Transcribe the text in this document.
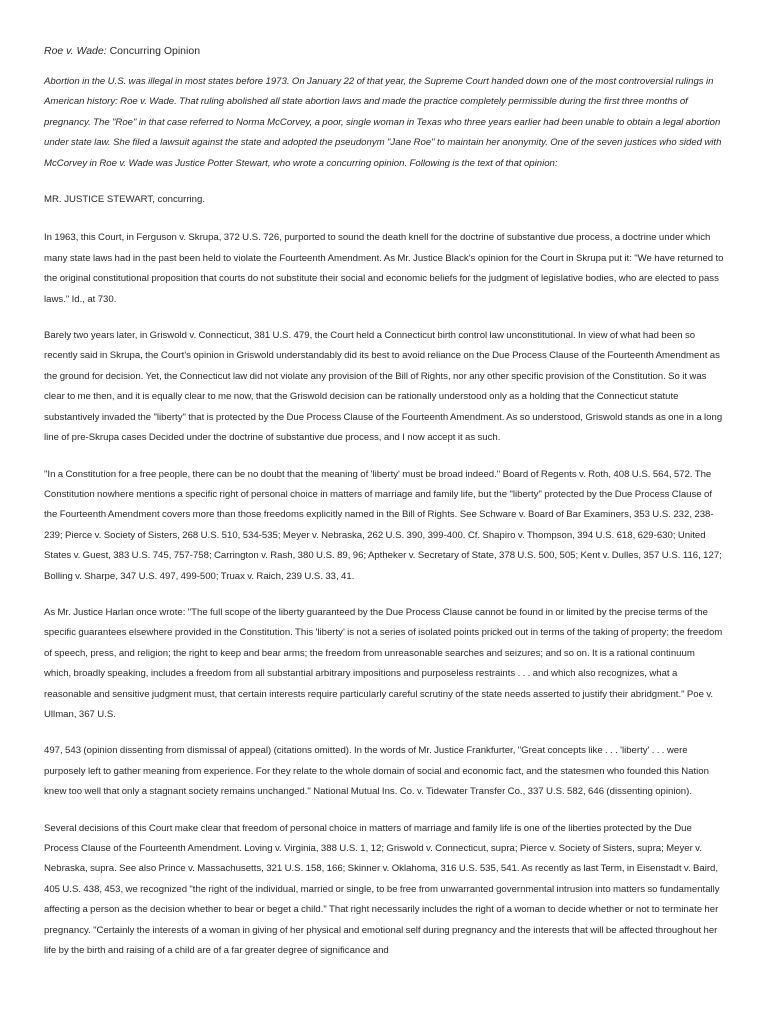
Roe v. Wade: Concurring Opinion

Abortion in the U.S. was illegal in most states before 1973. On January 22 of that year, the Supreme Court handed down one of the most controversial rulings in American history: Roe v. Wade. That ruling abolished all state abortion laws and made the practice completely permissible during the first three months of pregnancy. The "Roe" in that case referred to Norma McCorvey, a poor, single woman in Texas who three years earlier had been unable to obtain a legal abortion under state law. She filed a lawsuit against the state and adopted the pseudonym "Jane Roe" to maintain her anonymity. One of the seven justices who sided with McCorvey in Roe v. Wade was Justice Potter Stewart, who wrote a concurring opinion. Following is the text of that opinion:

MR. JUSTICE STEWART, concurring.

In 1963, this Court, in Ferguson v. Skrupa, 372 U.S. 726, purported to sound the death knell for the doctrine of substantive due process, a doctrine under which many state laws had in the past been held to violate the Fourteenth Amendment. As Mr. Justice Black's opinion for the Court in Skrupa put it: "We have returned to the original constitutional proposition that courts do not substitute their social and economic beliefs for the judgment of legislative bodies, who are elected to pass laws." Id., at 730.

Barely two years later, in Griswold v. Connecticut, 381 U.S. 479, the Court held a Connecticut birth control law unconstitutional. In view of what had been so recently said in Skrupa, the Court's opinion in Griswold understandably did its best to avoid reliance on the Due Process Clause of the Fourteenth Amendment as the ground for decision. Yet, the Connecticut law did not violate any provision of the Bill of Rights, nor any other specific provision of the Constitution. So it was clear to me then, and it is equally clear to me now, that the Griswold decision can be rationally understood only as a holding that the Connecticut statute substantively invaded the "liberty" that is protected by the Due Process Clause of the Fourteenth Amendment. As so understood, Griswold stands as one in a long line of pre-Skrupa cases Decided under the doctrine of substantive due process, and I now accept it as such.

"In a Constitution for a free people, there can be no doubt that the meaning of 'liberty' must be broad indeed." Board of Regents v. Roth, 408 U.S. 564, 572. The Constitution nowhere mentions a specific right of personal choice in matters of marriage and family life, but the "liberty" protected by the Due Process Clause of the Fourteenth Amendment covers more than those freedoms explicitly named in the Bill of Rights. See Schware v. Board of Bar Examiners, 353 U.S. 232, 238-239; Pierce v. Society of Sisters, 268 U.S. 510, 534-535; Meyer v. Nebraska, 262 U.S. 390, 399-400. Cf. Shapiro v. Thompson, 394 U.S. 618, 629-630; United States v. Guest, 383 U.S. 745, 757-758; Carrington v. Rash, 380 U.S. 89, 96; Aptheker v. Secretary of State, 378 U.S. 500, 505; Kent v. Dulles, 357 U.S. 116, 127; Bolling v. Sharpe, 347 U.S. 497, 499-500; Truax v. Raich, 239 U.S. 33, 41.

As Mr. Justice Harlan once wrote: "The full scope of the liberty guaranteed by the Due Process Clause cannot be found in or limited by the precise terms of the specific guarantees elsewhere provided in the Constitution. This 'liberty' is not a series of isolated points pricked out in terms of the taking of property; the freedom of speech, press, and religion; the right to keep and bear arms; the freedom from unreasonable searches and seizures; and so on. It is a rational continuum which, broadly speaking, includes a freedom from all substantial arbitrary impositions and purposeless restraints . . . and which also recognizes, what a reasonable and sensitive judgment must, that certain interests require particularly careful scrutiny of the state needs asserted to justify their abridgment." Poe v. Ullman, 367 U.S.

497, 543 (opinion dissenting from dismissal of appeal) (citations omitted). In the words of Mr. Justice Frankfurter, "Great concepts like . . . 'liberty' . . . were purposely left to gather meaning from experience. For they relate to the whole domain of social and economic fact, and the statesmen who founded this Nation knew too well that only a stagnant society remains unchanged." National Mutual Ins. Co. v. Tidewater Transfer Co., 337 U.S. 582, 646 (dissenting opinion).

Several decisions of this Court make clear that freedom of personal choice in matters of marriage and family life is one of the liberties protected by the Due Process Clause of the Fourteenth Amendment. Loving v. Virginia, 388 U.S. 1, 12; Griswold v. Connecticut, supra; Pierce v. Society of Sisters, supra; Meyer v. Nebraska, supra. See also Prince v. Massachusetts, 321 U.S. 158, 166; Skinner v. Oklahoma, 316 U.S. 535, 541. As recently as last Term, in Eisenstadt v. Baird, 405 U.S. 438, 453, we recognized "the right of the individual, married or single, to be free from unwarranted governmental intrusion into matters so fundamentally affecting a person as the decision whether to bear or beget a child." That right necessarily includes the right of a woman to decide whether or not to terminate her pregnancy. "Certainly the interests of a woman in giving of her physical and emotional self during pregnancy and the interests that will be affected throughout her life by the birth and raising of a child are of a far greater degree of significance and
